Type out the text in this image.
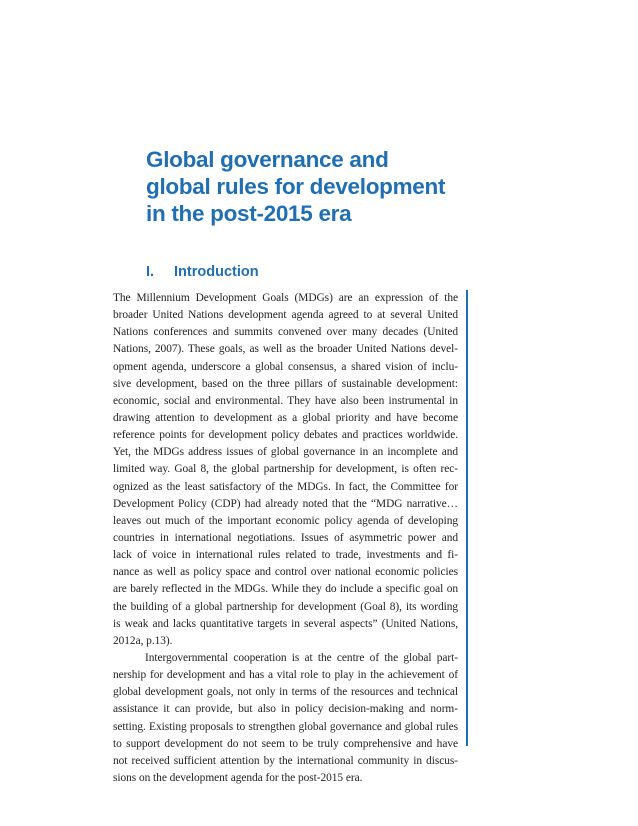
Global governance and
global rules for development
in the post-2015 era
I. Introduction
The Millennium Development Goals (MDGs) are an expression of the
broader United Nations development agenda agreed to at several United
Nations conferences and summits convened over many decades (United
Nations, 2007). These goals, as well as the broader United Nations devel-
opment agenda, underscore a global consensus, a shared vision of inclu-
sive development, based on the three pillars of sustainable development:
economic, social and environmental. They have also been instrumental in
drawing attention to development as a global priority and have become
reference points for development policy debates and practices worldwide.
Yet, the MDGs address issues of global governance in an incomplete and
limited way. Goal 8, the global partnership for development, is often rec-
ognized as the least satisfactory of the MDGs. In fact, the Committee for
Development Policy (CDP) had already noted that the “MDG narrative…
leaves out much of the important economic policy agenda of developing
countries in international negotiations. Issues of asymmetric power and
lack of voice in international rules related to trade, investments and fi-
nance as well as policy space and control over national economic policies
are barely reflected in the MDGs. While they do include a specific goal on
the building of a global partnership for development (Goal 8), its wording
is weak and lacks quantitative targets in several aspects” (United Nations,
2012a, p.13).
Intergovernmental cooperation is at the centre of the global part-
nership for development and has a vital role to play in the achievement of
global development goals, not only in terms of the resources and technical
assistance it can provide, but also in policy decision-making and norm-
setting. Existing proposals to strengthen global governance and global rules
to support development do not seem to be truly comprehensive and have
not received sufficient attention by the international community in discus-
sions on the development agenda for the post-2015 era.
